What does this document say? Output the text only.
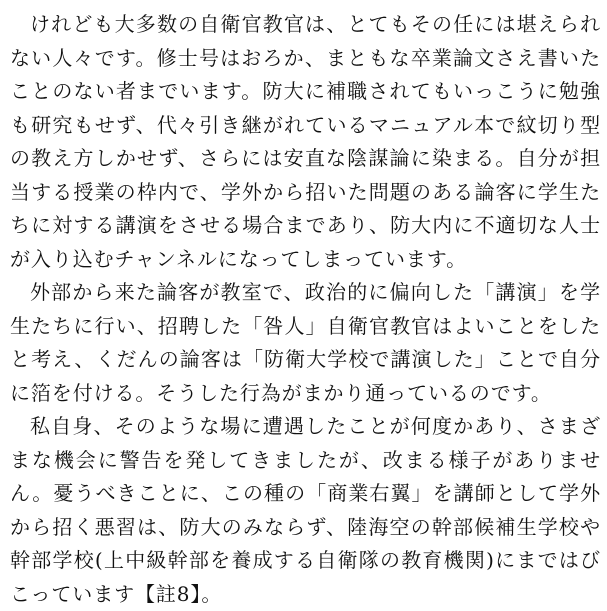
けれども大多数の自衛官教官は、とてもその任には堪えられない人々です。修士号はおろか、まともな卒業論文さえ書いたことのない者までいます。防大に補職されてもいっこうに勉強も研究もせず、代々引き継がれているマニュアル本で紋切り型の教え方しかせず、さらには安直な陰謀論に染まる。自分が担当する授業の枠内で、学外から招いた問題のある論客に学生たちに対する講演をさせる場合まであり、防大内に不適切な人士が入り込むチャンネルになってしまっています。

外部から来た論客が教室で、政治的に偏向した「講演」を学生たちに行い、招聘した「咎人」自衛官教官はよいことをしたと考え、くだんの論客は「防衛大学校で講演した」ことで自分に箔を付ける。そうした行為がまかり通っているのです。

私自身、そのような場に遭遇したことが何度かあり、さまざまな機会に警告を発してきましたが、改まる様子がありません。憂うべきことに、この種の「商業右翼」を講師として学外から招く悪習は、防大のみならず、陸海空の幹部候補生学校や幹部学校(上中級幹部を養成する自衛隊の教育機関)にまではびこっています【註8】。
